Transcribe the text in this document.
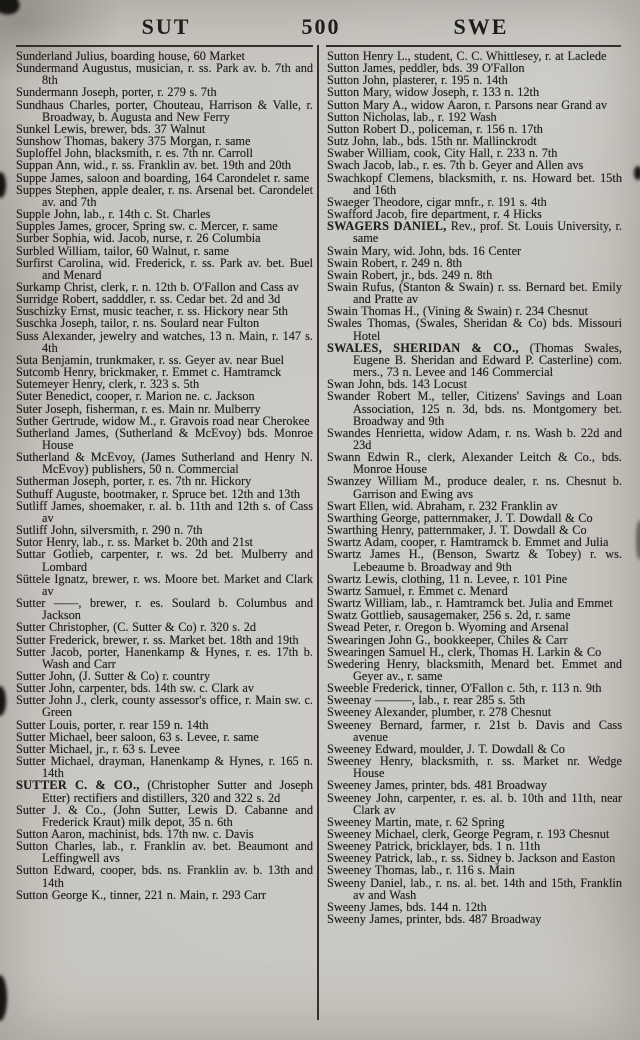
SUT	500	SWE

Sunderland Julius, boarding house, 60 Market

Sundermand Augustus, musician, r. ss. Park av. b. 7th and 8th

Sundermann Joseph, porter, r. 279 s. 7th

Sundhaus Charles, porter, Chouteau, Harrison & Valle, r. Broadway, b. Augusta and New Ferry

Sunkel Lewis, brewer, bds. 37 Walnut

Sunshow Thomas, bakery 375 Morgan, r. same

Suploffel John, blacksmith, r. es. 7th nr. Carroll

Suppan Ann, wid., r. ss. Franklin av. bet. 19th and 20th

Suppe James, saloon and boarding, 164 Carondelet r. same

Suppes Stephen, apple dealer, r. ns. Arsenal bet. Carondelet av. and 7th

Supple John, lab., r. 14th c. St. Charles

Supples James, grocer, Spring sw. c. Mercer, r. same

Surber Sophia, wid. Jacob, nurse, r. 26 Columbia

Surbled William, tailor, 60 Walnut, r. same

Surfirst Carolina, wid. Frederick, r. ss. Park av. bet. Buel and Menard

Surkamp Christ, clerk, r. n. 12th b. O'Fallon and Cass av

Surridge Robert, sadddler, r. ss. Cedar bet. 2d and 3d

Suschizky Ernst, music teacher, r. ss. Hickory near 5th

Suschka Joseph, tailor, r. ns. Soulard near Fulton

Suss Alexander, jewelry and watches, 13 n. Main, r. 147 s. 4th

Suta Benjamin, trunkmaker, r. ss. Geyer av. near Buel

Sutcomb Henry, brickmaker, r. Emmet c. Hamtramck

Sutemeyer Henry, clerk, r. 323 s. 5th

Suter Benedict, cooper, r. Marion ne. c. Jackson

Suter Joseph, fisherman, r. es. Main nr. Mulberry

Suther Gertrude, widow M., r. Gravois road near Cherokee

Sutherland James, (Sutherland & McEvoy) bds. Monroe House

Sutherland & McEvoy, (James Sutherland and Henry N. McEvoy) publishers, 50 n. Commercial

Sutherman Joseph, porter, r. es. 7th nr. Hickory

Suthuff Auguste, bootmaker, r. Spruce bet. 12th and 13th

Sutliff James, shoemaker, r. al. b. 11th and 12th s. of Cass av

Sutliff John, silversmith, r. 290 n. 7th

Sutor Henry, lab., r. ss. Market b. 20th and 21st

Suttar Gotlieb, carpenter, r. ws. 2d bet. Mulberry and Lombard

Süttele Ignatz, brewer, r. ws. Moore bet. Market and Clark av

Sutter ——, brewer, r. es. Soulard b. Columbus and Jackson

Sutter Christopher, (C. Sutter & Co) r. 320 s. 2d

Sutter Frederick, brewer, r. ss. Market bet. 18th and 19th

Sutter Jacob, porter, Hanenkamp & Hynes, r. es. 17th b. Wash and Carr

Sutter John, (J. Sutter & Co) r. country

Sutter John, carpenter, bds. 14th sw. c. Clark av

Sutter John J., clerk, county assessor's office, r. Main sw. c. Green

Sutter Louis, porter, r. rear 159 n. 14th

Sutter Michael, beer saloon, 63 s. Levee, r. same

Sutter Michael, jr., r. 63 s. Levee

Sutter Michael, drayman, Hanenkamp & Hynes, r. 165 n. 14th

SUTTER C. & CO., (Christopher Sutter and Joseph Etter) rectifiers and distillers, 320 and 322 s. 2d

Sutter J. & Co., (John Sutter, Lewis D. Cabanne and Frederick Kraut) milk depot, 35 n. 6th

Sutton Aaron, machinist, bds. 17th nw. c. Davis

Sutton Charles, lab., r. Franklin av. bet. Beaumont and Leffingwell avs

Sutton Edward, cooper, bds. ns. Franklin av. b. 13th and 14th

Sutton George K., tinner, 221 n. Main, r. 293 Carr

Sutton Henry L., student, C. C. Whittlesey, r. at Laclede

Sutton James, peddler, bds. 39 O'Fallon

Sutton John, plasterer, r. 195 n. 14th

Sutton Mary, widow Joseph, r. 133 n. 12th

Sutton Mary A., widow Aaron, r. Parsons near Grand av

Sutton Nicholas, lab., r. 192 Wash

Sutton Robert D., policeman, r. 156 n. 17th

Sutz John, lab., bds. 15th nr. Mallinckrodt

Swaber William, cook, City Hall, r. 233 n. 7th

Swach Jacob, lab., r. es. 7th b. Geyer and Allen avs

Swachkopf Clemens, blacksmith, r. ns. Howard bet. 15th and 16th

Swaeger Theodore, cigar mnfr., r. 191 s. 4th

Swafford Jacob, fire department, r. 4 Hicks

SWAGERS DANIEL, Rev., prof. St. Louis University, r. same

Swain Mary, wid. John, bds. 16 Center

Swain Robert, r. 249 n. 8th

Swain Robert, jr., bds. 249 n. 8th

Swain Rufus, (Stanton & Swain) r. ss. Bernard bet. Emily and Pratte av

Swain Thomas H., (Vining & Swain) r. 234 Chesnut

Swales Thomas, (Swales, Sheridan & Co) bds. Missouri Hotel

SWALES, SHERIDAN & CO., (Thomas Swales, Eugene B. Sheridan and Edward P. Casterline) com. mers., 73 n. Levee and 146 Commercial

Swan John, bds. 143 Locust

Swander Robert M., teller, Citizens' Savings and Loan Association, 125 n. 3d, bds. ns. Montgomery bet. Broadway and 9th

Swandes Henrietta, widow Adam, r. ns. Wash b. 22d and 23d

Swann Edwin R., clerk, Alexander Leitch & Co., bds. Monroe House

Swanzey William M., produce dealer, r. ns. Chesnut b. Garrison and Ewing avs

Swart Ellen, wid. Abraham, r. 232 Franklin av

Swarthing George, patternmaker, J. T. Dowdall & Co

Swarthing Henry, patternmaker, J. T. Dowdall & Co

Swartz Adam, cooper, r. Hamtramck b. Emmet and Julia

Swartz James H., (Benson, Swartz & Tobey) r. ws. Lebeaume b. Broadway and 9th

Swartz Lewis, clothing, 11 n. Levee, r. 101 Pine

Swartz Samuel, r. Emmet c. Menard

Swartz William, lab., r. Hamtramck bet. Julia and Emmet

Swatz Gottlieb, sausagemaker, 256 s. 2d, r. same

Swead Peter, r. Oregon b. Wyoming and Arsenal

Swearingen John G., bookkeeper, Chiles & Carr

Swearingen Samuel H., clerk, Thomas H. Larkin & Co

Swedering Henry, blacksmith, Menard bet. Emmet and Geyer av., r. same

Sweeble Frederick, tinner, O'Fallon c. 5th, r. 113 n. 9th

Sweenay ———, lab., r. rear 285 s. 5th

Sweeney Alexander, plumber, r. 278 Chesnut

Sweeney Bernard, farmer, r. 21st b. Davis and Cass avenue

Sweeney Edward, moulder, J. T. Dowdall & Co

Sweeney Henry, blacksmith, r. ss. Market nr. Wedge House

Sweeney James, printer, bds. 481 Broadway

Sweeney John, carpenter, r. es. al. b. 10th and 11th, near Clark av

Sweeney Martin, mate, r. 62 Spring

Sweeney Michael, clerk, George Pegram, r. 193 Chesnut

Sweeney Patrick, bricklayer, bds. 1 n. 11th

Sweeney Patrick, lab., r. ss. Sidney b. Jackson and Easton

Sweeney Thomas, lab., r. 116 s. Main

Sweeny Daniel, lab., r. ns. al. bet. 14th and 15th, Franklin av and Wash

Sweeny James, bds. 144 n. 12th

Sweeny James, printer, bds. 487 Broadway
